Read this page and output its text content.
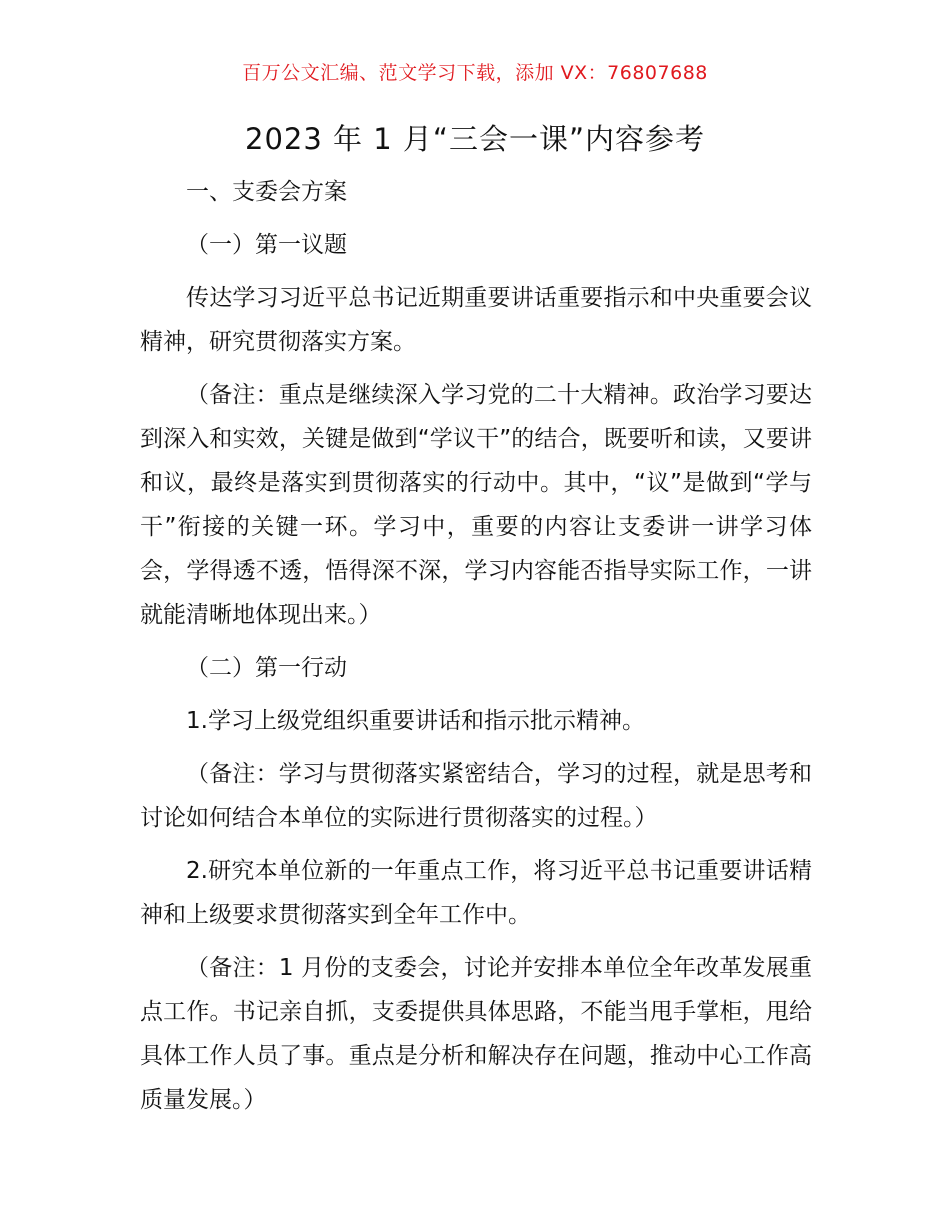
百万公文汇编、范文学习下载，添加 VX：76807688
2023 年 1 月“三会一课”内容参考

一、支委会方案

（一）第一议题

传达学习习近平总书记近期重要讲话重要指示和中央重要会议精神，研究贯彻落实方案。

（备注：重点是继续深入学习党的二十大精神。政治学习要达到深入和实效，关键是做到“学议干”的结合，既要听和读，又要讲和议，最终是落实到贯彻落实的行动中。其中，“议”是做到“学与干”衔接的关键一环。学习中，重要的内容让支委讲一讲学习体会，学得透不透，悟得深不深，学习内容能否指导实际工作，一讲就能清晰地体现出来。）

（二）第一行动

1.学习上级党组织重要讲话和指示批示精神。

（备注：学习与贯彻落实紧密结合，学习的过程，就是思考和讨论如何结合本单位的实际进行贯彻落实的过程。）

2.研究本单位新的一年重点工作，将习近平总书记重要讲话精神和上级要求贯彻落实到全年工作中。

（备注：1 月份的支委会，讨论并安排本单位全年改革发展重点工作。书记亲自抓，支委提供具体思路，不能当甩手掌柜，甩给具体工作人员了事。重点是分析和解决存在问题，推动中心工作高质量发展。）
